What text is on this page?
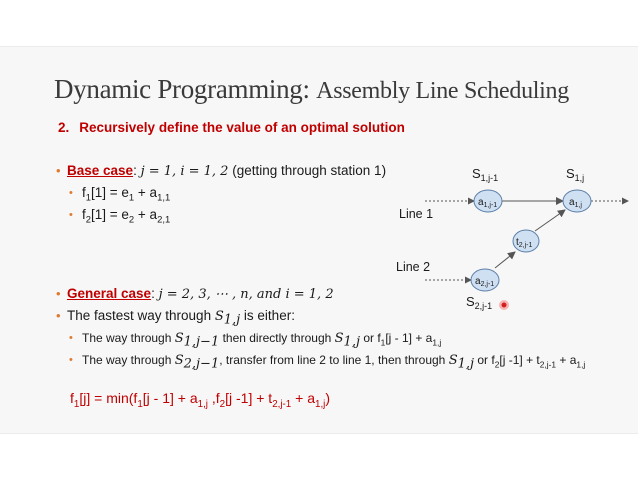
Dynamic Programming: Assembly Line Scheduling
2. Recursively define the value of an optimal solution
• Base case: j = 1, i = 1, 2 (getting through station 1)
• $f_1[1] = e_1 + a_{1,1}$
• $f_2[1] = e_2 + a_{2,1}$
• General case: j = 2, 3, ⋯ , n, and i = 1, 2
• The fastest way through $S_{1,j}$ is either:
• The way through $S_{1,j-1}$ then directly through $S_{1,j}$ or $f_1[j - 1] + a_{1,j}$
• The way through $S_{2,j-1}$, transfer from line 2 to line 1, then through $S_{1,j}$ or $f_2[j$ $-1] + t_{2,j-1} + a_{1,j}$
$f_1[j] = \min(f_1[j - 1] + a_{1,j}$ $,f_2[j$ $-1] + t_{2,j-1} + a_{1,j}$)
$a_{1,j-1}$	$a_{1,j}$
$t_{2,j-1}$
$a_{2,j-1}$
$S_{1,j-1}$	$S_{1,j}$
$S_{2,j-1}$
Line 1
Line 2
